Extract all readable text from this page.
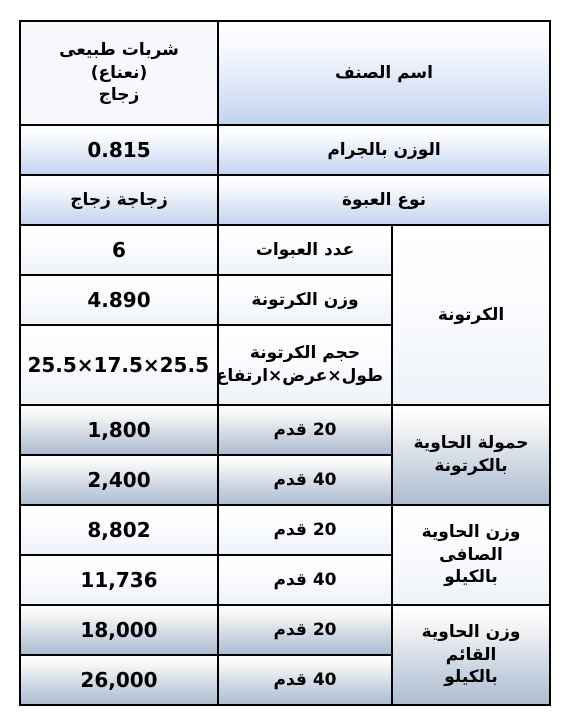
اسم الصنف		شربات طبيعى (نعناع)
زجاج
الوزن بالجرام		0.815
نوع العبوة		زجاجة زجاج
الكرتونة	عدد العبوات	6
	وزن الكرتونة	4.890
	حجم الكرتونة
طول×عرض×ارتفاع	25.5×17.5×25.5
حمولة الحاوية
بالكرتونة	20 قدم	1,800
	40 قدم	2,400
وزن الحاوية الصافى
بالكيلو	20 قدم	8,802
	40 قدم	11,736
وزن الحاوية القائم
بالكيلو	20 قدم	18,000
	40 قدم	26,000
